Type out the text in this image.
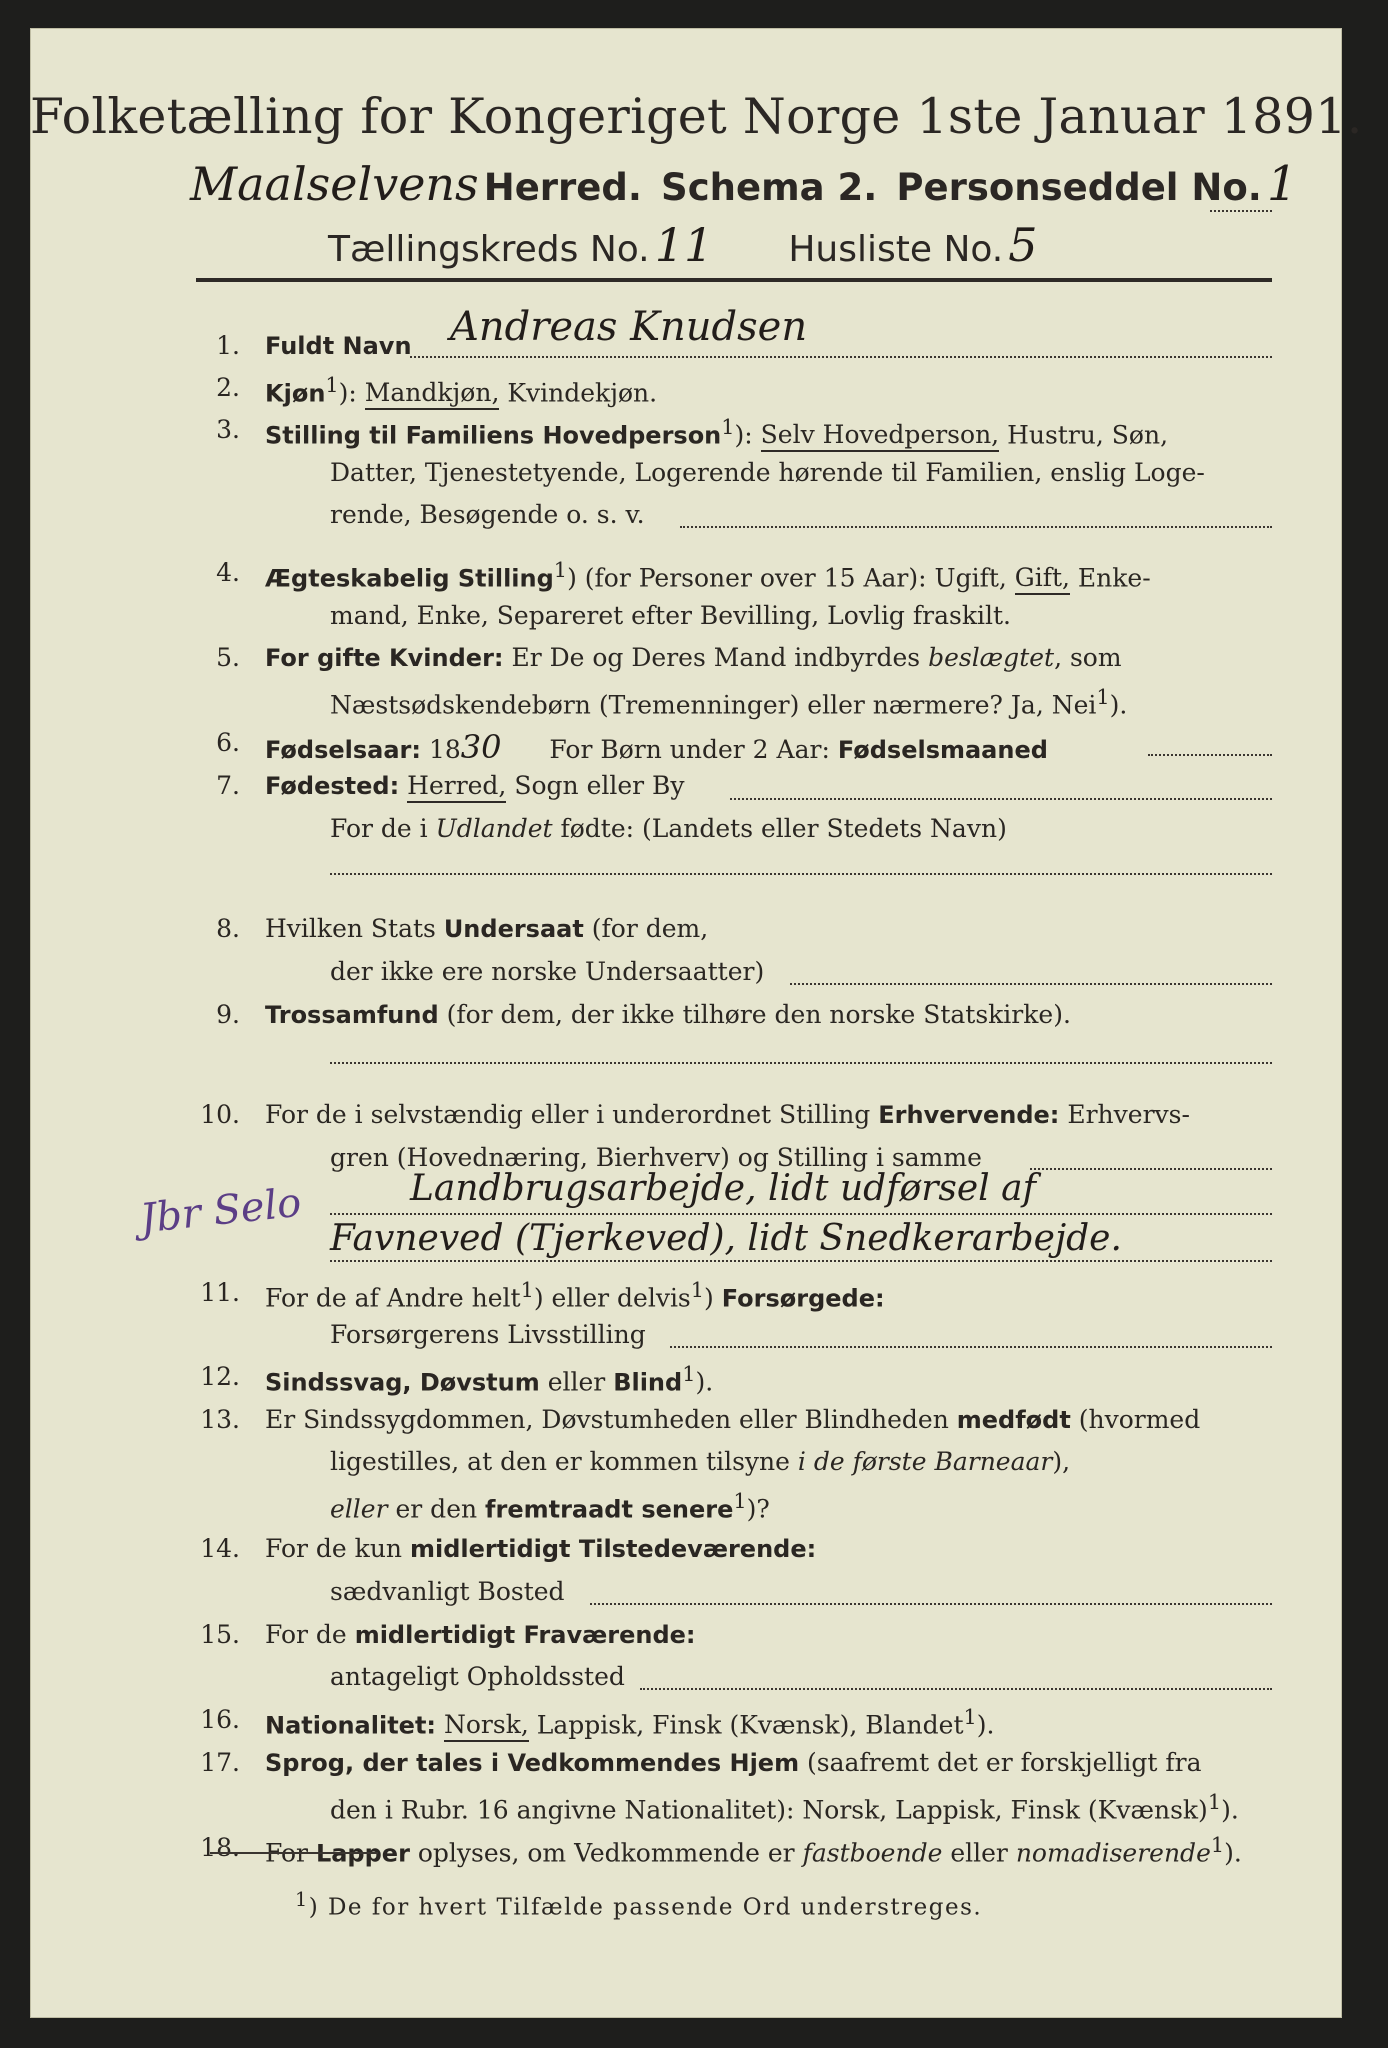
Folketælling for Kongeriget Norge 1ste Januar 1891.
Maalselvens Herred. Schema 2. Personseddel No. 1
Tællingskreds No. 11 Husliste No. 5
1. Fuldt Navn Andreas Knudsen
2. Kjøn$^1$): Mandkjøn, Kvindekjøn.
3. Stilling til Familiens Hovedperson$^1$): Selv Hovedperson, Hustru, Søn,
Datter, Tjenestetyende, Logerende hørende til Familien, enslig Loge-
rende, Besøgende o. s. v.
4. Ægteskabelig Stilling$^1$) (for Personer over 15 Aar): Ugift, Gift, Enke-
mand, Enke, Separeret efter Bevilling, Lovlig fraskilt.
5. For gifte Kvinder: Er De og Deres Mand indbyrdes beslægtet, som
Næstsødskendebørn (Tremenninger) eller nærmere? Ja, Nei$^1$).
6. Fødselsaar: 1830 For Børn under 2 Aar: Fødselsmaaned
7. Fødested: Herred, Sogn eller By
For de i Udlandet fødte: (Landets eller Stedets Navn)
8. Hvilken Stats Undersaat (for dem,
der ikke ere norske Undersaatter)
9. Trossamfund (for dem, der ikke tilhøre den norske Statskirke).
10. For de i selvstændig eller i underordnet Stilling Erhvervende: Erhvervs-
gren (Hovednæring, Bierhverv) og Stilling i samme
Landbrugsarbejde, lidt udførsel af
Favneved (Tjerkeved), lidt Snedkerarbejde.
Jbr Selo
11. For de af Andre helt$^1$) eller delvis$^1$) Forsørgede:
Forsørgerens Livsstilling
12. Sindssvag, Døvstum eller Blind$^1$).
13. Er Sindssygdommen, Døvstumheden eller Blindheden medfødt (hvormed
ligestilles, at den er kommen tilsyne i de første Barneaar),
eller er den fremtraadt senere$^1$)?
14. For de kun midlertidigt Tilstedeværende:
sædvanligt Bosted
15. For de midlertidigt Fraværende:
antageligt Opholdssted
16. Nationalitet: Norsk, Lappisk, Finsk (Kvænsk), Blandet$^1$).
17. Sprog, der tales i Vedkommendes Hjem (saafremt det er forskjelligt fra
den i Rubr. 16 angivne Nationalitet): Norsk, Lappisk, Finsk (Kvænsk)$^1$).
18. For Lapper oplyses, om Vedkommende er fastboende eller nomadiserende$^1$).
$^1$) De for hvert Tilfælde passende Ord understreges.
